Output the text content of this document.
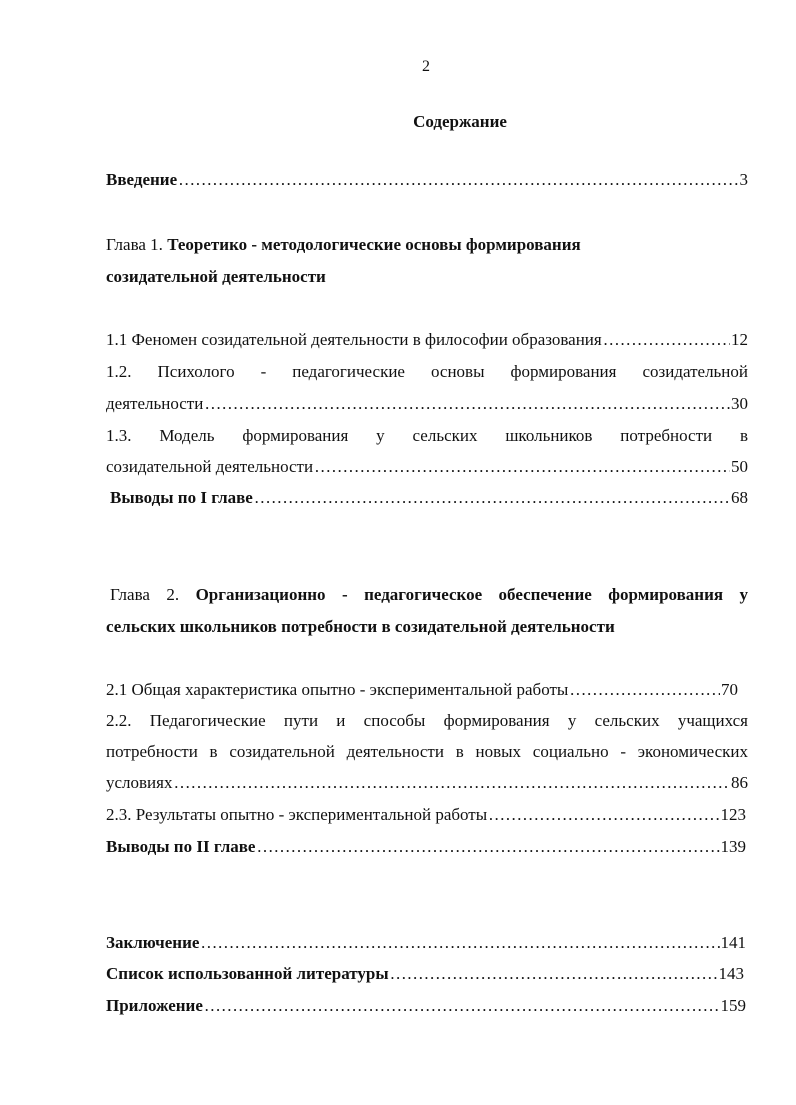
2
Содержание
Введение ……………………………………………………………………………………………………………………………………………………………………	3
Глава 1. Теоретико - методологические основы формирования
созидательной деятельности
1.1 Феномен созидательной деятельности в философии образования ……………………………………………………………………………………………………………………………………………………………………	12
1.2. Психолого - педагогические основы формирования созидательной
деятельности ……………………………………………………………………………………………………………………………………………………………………	30
1.3. Модель формирования у сельских школьников потребности в
созидательной деятельности ……………………………………………………………………………………………………………………………………………………………………	50
Выводы по I главе ……………………………………………………………………………………………………………………………………………………………………	68
Глава 2. Организационно - педагогическое обеспечение формирования у
сельских школьников потребности в созидательной деятельности
2.1 Общая характеристика опытно - экспериментальной работы ……………………………………………………………………………………………………………………………………………………………………	70
2.2. Педагогические пути и способы формирования у сельских учащихся
потребности в созидательной деятельности в новых социально - экономических
условиях ……………………………………………………………………………………………………………………………………………………………………	86
2.3. Результаты опытно - экспериментальной работы ……………………………………………………………………………………………………………………………………………………………………	123
Выводы по II главе ……………………………………………………………………………………………………………………………………………………………………	139
Заключение ……………………………………………………………………………………………………………………………………………………………………	141
Список использованной литературы ……………………………………………………………………………………………………………………………………………………………………	143
Приложение ……………………………………………………………………………………………………………………………………………………………………	159
